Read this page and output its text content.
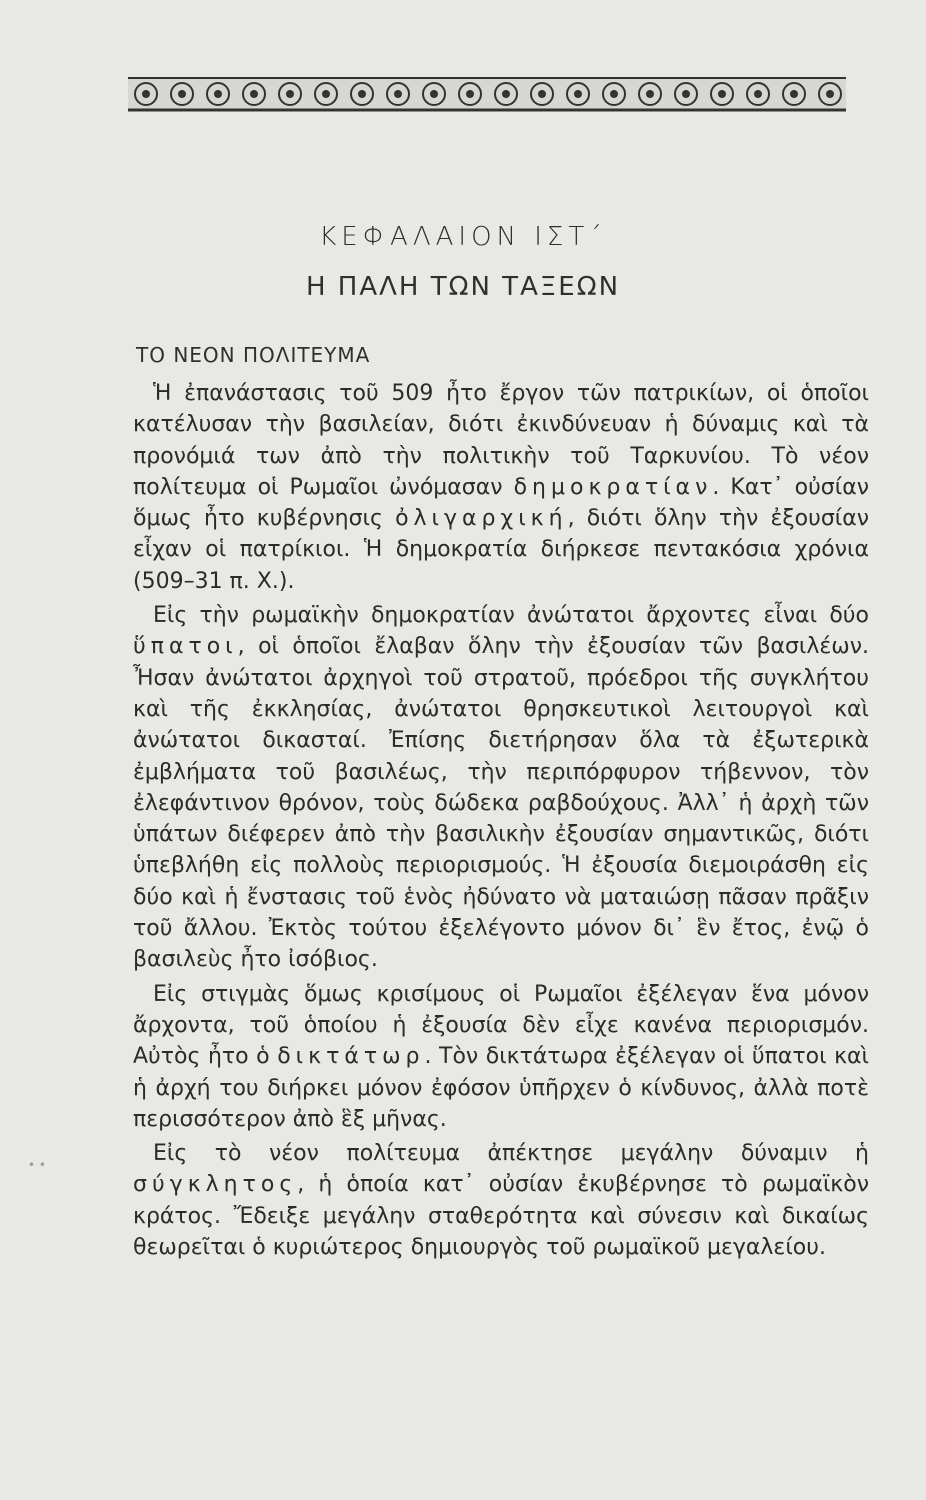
ΚΕΦΑΛΑΙΟΝ ΙΣΤ΄
Η ΠΑΛΗ ΤΩΝ ΤΑΞΕΩΝ
ΤΟ ΝΕΟΝ ΠΟΛΙΤΕΥΜΑ

Ἡ ἐπανάστασις τοῦ 509 ἦτο ἔργον τῶν πατρικίων, οἱ ὁποῖοι κατέλυσαν τὴν βασιλείαν, διότι ἐκινδύνευαν ἡ δύναμις καὶ τὰ προνόμιά των ἀπὸ τὴν πολιτικὴν τοῦ Ταρκυνίου. Τὸ νέον πολίτευμα οἱ Ρωμαῖοι ὠνόμασαν δημοκρατίαν. Κατ᾽ οὐσίαν ὅμως ἦτο κυβέρνησις ὀλιγαρχική, διότι ὅλην τὴν ἐξουσίαν εἶχαν οἱ πατρίκιοι. Ἡ δημοκρατία διήρκεσε πεντακόσια χρόνια (509–31 π. Χ.).

Εἰς τὴν ρωμαϊκὴν δημοκρατίαν ἀνώτατοι ἄρχοντες εἶναι δύο ὕπατοι, οἱ ὁποῖοι ἔλαβαν ὅλην τὴν ἐξουσίαν τῶν βασιλέων. Ἦσαν ἀνώτατοι ἀρχηγοὶ τοῦ στρατοῦ, πρόεδροι τῆς συγκλήτου καὶ τῆς ἐκκλησίας, ἀνώτατοι θρησκευτικοὶ λειτουργοὶ καὶ ἀνώτατοι δικασταί. Ἐπίσης διετήρησαν ὅλα τὰ ἐξωτερικὰ ἐμβλήματα τοῦ βασιλέως, τὴν περιπόρφυρον τήβεννον, τὸν ἐλεφάντινον θρόνον, τοὺς δώδεκα ραβδούχους. Ἀλλ᾽ ἡ ἀρχὴ τῶν ὑπάτων διέφερεν ἀπὸ τὴν βασιλικὴν ἐξουσίαν σημαντικῶς, διότι ὑπεβλήθη εἰς πολλοὺς περιορισμούς. Ἡ ἐξουσία διεμοιράσθη εἰς δύο καὶ ἡ ἔνστασις τοῦ ἑνὸς ἠδύνατο νὰ ματαιώσῃ πᾶσαν πρᾶξιν τοῦ ἄλλου. Ἐκτὸς τούτου ἐξελέγοντο μόνον δι᾽ ἓν ἔτος, ἐνῷ ὁ βασιλεὺς ἦτο ἰσόβιος.

Εἰς στιγμὰς ὅμως κρισίμους οἱ Ρωμαῖοι ἐξέλεγαν ἕνα μόνον ἄρχοντα, τοῦ ὁποίου ἡ ἐξουσία δὲν εἶχε κανένα περιορισμόν. Αὐτὸς ἦτο ὁ δικτάτωρ. Τὸν δικτάτωρα ἐξέλεγαν οἱ ὕπατοι καὶ ἡ ἀρχή του διήρκει μόνον ἐφόσον ὑπῆρχεν ὁ κίνδυνος, ἀλλὰ ποτὲ περισσότερον ἀπὸ ἓξ μῆνας.

Εἰς τὸ νέον πολίτευμα ἀπέκτησε μεγάλην δύναμιν ἡ σύγκλητος, ἡ ὁποία κατ᾽ οὐσίαν ἐκυβέρνησε τὸ ρωμαϊκὸν κράτος. Ἔδειξε μεγάλην σταθερότητα καὶ σύνεσιν καὶ δικαίως θεωρεῖται ὁ κυριώτερος δημιουργὸς τοῦ ρωμαϊκοῦ μεγαλείου.

• •
